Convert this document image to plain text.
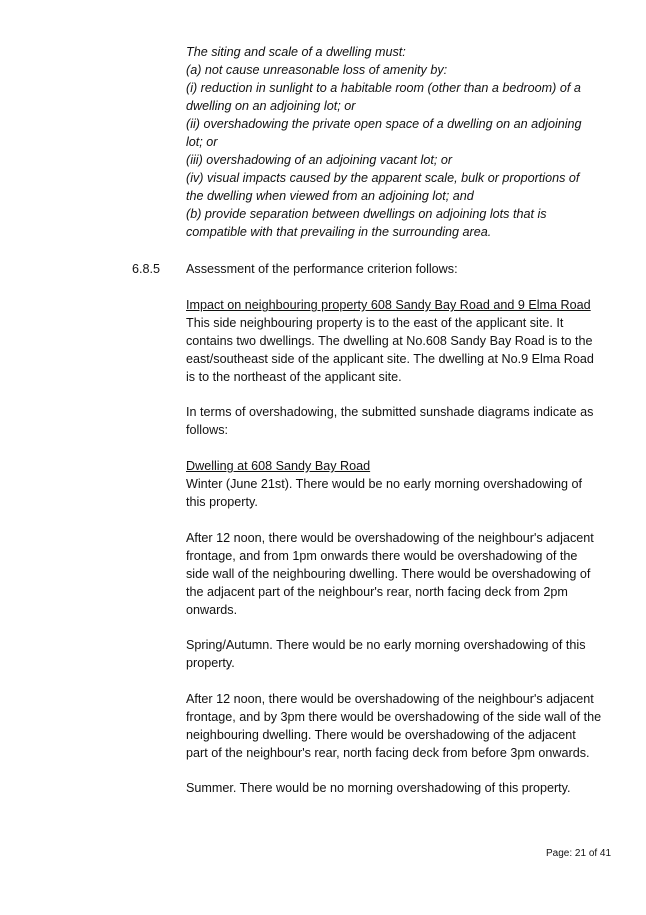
The siting and scale of a dwelling must:
(a) not cause unreasonable loss of amenity by:
(i) reduction in sunlight to a habitable room (other than a bedroom) of a
dwelling on an adjoining lot; or
(ii) overshadowing the private open space of a dwelling on an adjoining
lot; or
(iii) overshadowing of an adjoining vacant lot; or
(iv) visual impacts caused by the apparent scale, bulk or proportions of
the dwelling when viewed from an adjoining lot; and
(b) provide separation between dwellings on adjoining lots that is
compatible with that prevailing in the surrounding area.
6.8.5 Assessment of the performance criterion follows:
Impact on neighbouring property 608 Sandy Bay Road and 9 Elma Road
This side neighbouring property is to the east of the applicant site. It
contains two dwellings. The dwelling at No.608 Sandy Bay Road is to the
east/southeast side of the applicant site. The dwelling at No.9 Elma Road
is to the northeast of the applicant site.
In terms of overshadowing, the submitted sunshade diagrams indicate as
follows:
Dwelling at 608 Sandy Bay Road
Winter (June 21st). There would be no early morning overshadowing of
this property.
After 12 noon, there would be overshadowing of the neighbour's adjacent
frontage, and from 1pm onwards there would be overshadowing of the
side wall of the neighbouring dwelling. There would be overshadowing of
the adjacent part of the neighbour's rear, north facing deck from 2pm
onwards.
Spring/Autumn. There would be no early morning overshadowing of this
property.
After 12 noon, there would be overshadowing of the neighbour's adjacent
frontage, and by 3pm there would be overshadowing of the side wall of the
neighbouring dwelling. There would be overshadowing of the adjacent
part of the neighbour's rear, north facing deck from before 3pm onwards.
Summer. There would be no morning overshadowing of this property.
Page: 21 of 41
